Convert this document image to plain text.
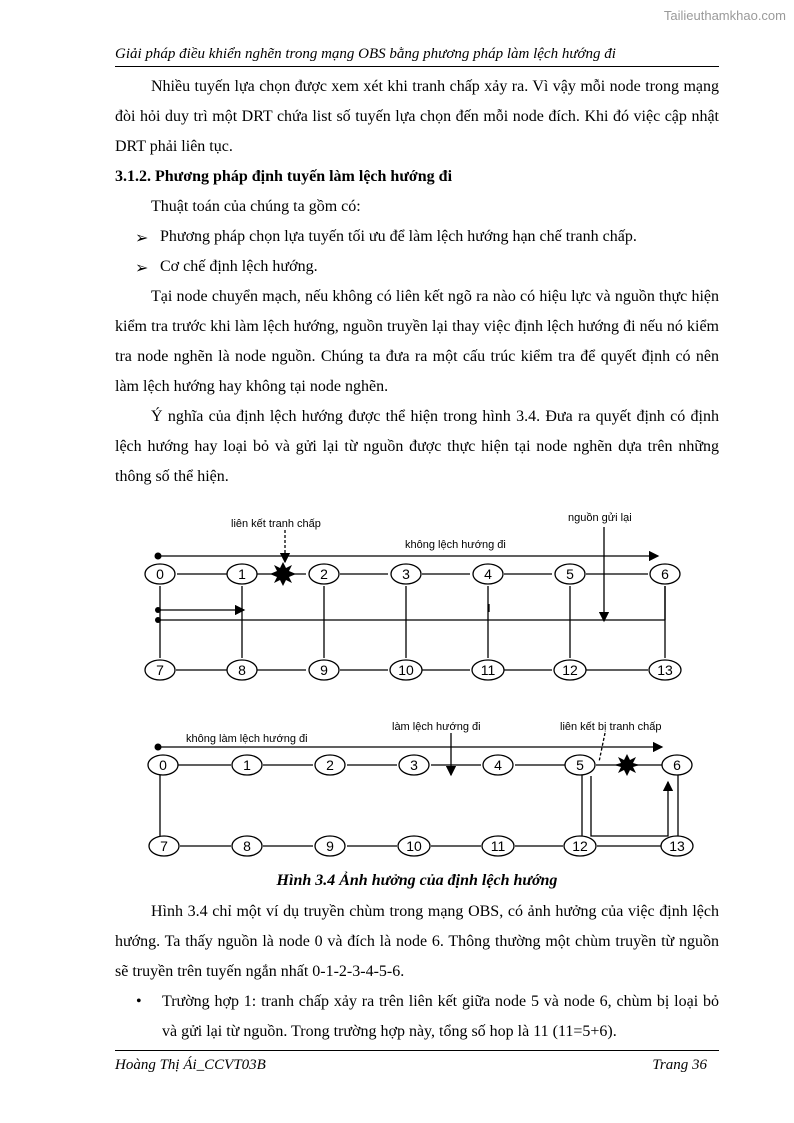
Tailieuthamkhao.com
Giải pháp điều khiển nghẽn trong mạng OBS bằng phương pháp làm lệch hướng đi

Nhiều tuyến lựa chọn được xem xét khi tranh chấp xảy ra. Vì vậy mỗi node trong mạng đòi hỏi duy trì một DRT chứa list số tuyến lựa chọn đến mỗi node đích. Khi đó việc cập nhật DRT phải liên tục.

3.1.2. Phương pháp định tuyến làm lệch hướng đi
Thuật toán của chúng ta gồm có:
➢ Phương pháp chọn lựa tuyến tối ưu để làm lệch hướng hạn chế tranh chấp.
➢ Cơ chế định lệch hướng.

Tại node chuyển mạch, nếu không có liên kết ngõ ra nào có hiệu lực và nguồn thực hiện kiểm tra trước khi làm lệch hướng, nguồn truyền lại thay việc định lệch hướng đi nếu nó kiểm tra node nghẽn là node nguồn. Chúng ta đưa ra một cấu trúc kiểm tra để quyết định có nên làm lệch hướng hay không tại node nghẽn.

Ý nghĩa của định lệch hướng được thể hiện trong hình 3.4. Đưa ra quyết định có định lệch hướng hay loại bỏ và gửi lại từ nguồn được thực hiện tại node nghẽn dựa trên những thông số thể hiện.

0	1	2	3	4	5	6
7	8	9	10	11	12	13
liên kết tranh chấp
không lệch hướng đi
nguồn gửi lại
0	1	2	3	4	5	6
7	8	9	10	11	12	13
không làm lệch hướng đi
làm lệch hướng đi	liên kết bị tranh chấp
Hình 3.4 Ảnh hưởng của định lệch hướng

Hình 3.4 chỉ một ví dụ truyền chùm trong mạng OBS, có ảnh hưởng của việc định lệch hướng. Ta thấy nguồn là node 0 và đích là node 6. Thông thường một chùm truyền từ nguồn sẽ truyền trên tuyến ngắn nhất 0-1-2-3-4-5-6.

• Trường hợp 1: tranh chấp xảy ra trên liên kết giữa node 5 và node 6, chùm bị loại bỏ và gửi lại từ nguồn. Trong trường hợp này, tổng số hop là 11 (11=5+6).

Hoàng Thị Ái_CCVT03B	Trang 36
